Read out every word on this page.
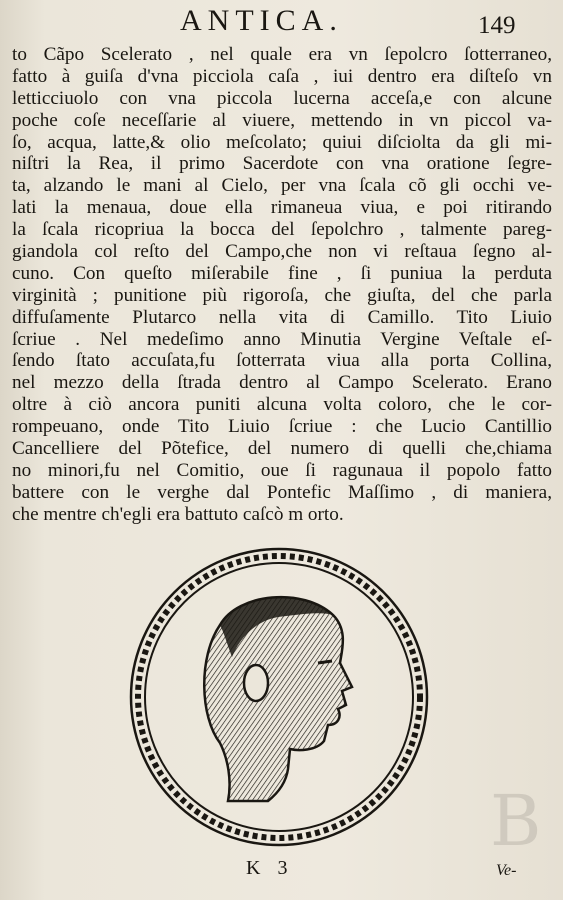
B
ANTICA.	149
to Cãpo Scelerato , nel quale era vn ſepolcro ſotterraneo,
fatto à guiſa d'vna picciola caſa , iui dentro era diſteſo vn
letticciuolo con vna piccola lucerna acceſa,e con alcune
poche coſe neceſſarie al viuere, mettendo in vn piccol va-
ſo, acqua, latte,& olio meſcolato; quiui diſciolta da gli mi-
niſtri la Rea, il primo Sacerdote con vna oratione ſegre-
ta, alzando le mani al Cielo, per vna ſcala cõ gli occhi ve-
lati la menaua, doue ella rimaneua viua, e poi ritirando
la ſcala ricopriua la bocca del ſepolchro , talmente pareg-
giandola col reſto del Campo,che non vi reſtaua ſegno al-
cuno. Con queſto miſerabile fine , ſi puniua la perduta
virginità ; punitione più rigoroſa, che giuſta, del che parla
diffuſamente Plutarco nella vita di Camillo. Tito Liuio
ſcriue . Nel medeſimo anno Minutia Vergine Veſtale eſ-
ſendo ſtato accuſata,fu ſotterrata viua alla porta Collina,
nel mezzo della ſtrada dentro al Campo Scelerato. Erano
oltre à ciò ancora puniti alcuna volta coloro, che le cor-
rompeuano, onde Tito Liuio ſcriue : che Lucio Cantillio
Cancelliere del Põtefice, del numero di quelli che,chiama
no minori,fu nel Comitio, oue ſi ragunaua il popolo fatto
battere con le verghe dal Pontefic Maſſimo , di maniera,
che mentre ch'egli era battuto caſcò m orto.
K 3	Ve-
